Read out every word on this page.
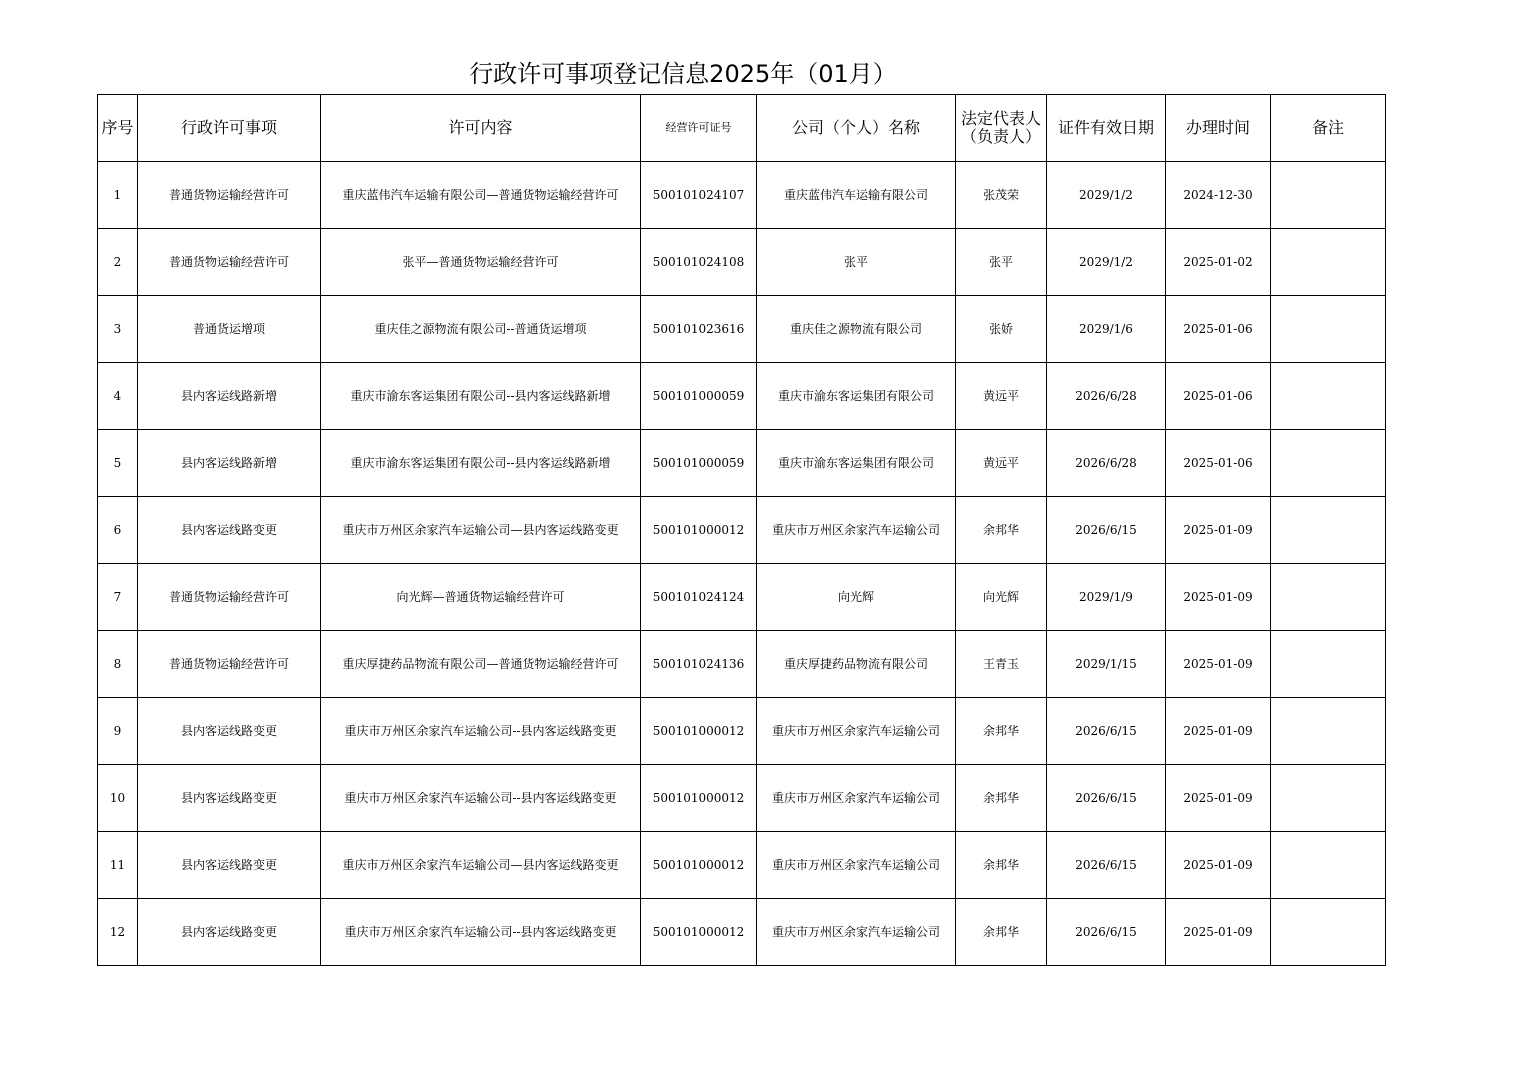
行政许可事项登记信息2025年（01月）
序号	行政许可事项	许可内容	经营许可证号	公司（个人）名称	法定代表人（负责人）	证件有效日期	办理时间	备注
1	普通货物运输经营许可	重庆蓝伟汽车运输有限公司—普通货物运输经营许可	500101024107	重庆蓝伟汽车运输有限公司	张茂荣	2029/1/2	2024-12-30	
2	普通货物运输经营许可	张平—普通货物运输经营许可	500101024108	张平	张平	2029/1/2	2025-01-02	
3	普通货运增项	重庆佳之源物流有限公司--普通货运增项	500101023616	重庆佳之源物流有限公司	张娇	2029/1/6	2025-01-06	
4	县内客运线路新增	重庆市渝东客运集团有限公司--县内客运线路新增	500101000059	重庆市渝东客运集团有限公司	黄远平	2026/6/28	2025-01-06	
5	县内客运线路新增	重庆市渝东客运集团有限公司--县内客运线路新增	500101000059	重庆市渝东客运集团有限公司	黄远平	2026/6/28	2025-01-06	
6	县内客运线路变更	重庆市万州区余家汽车运输公司—县内客运线路变更	500101000012	重庆市万州区余家汽车运输公司	余邦华	2026/6/15	2025-01-09	
7	普通货物运输经营许可	向光辉—普通货物运输经营许可	500101024124	向光辉	向光辉	2029/1/9	2025-01-09	
8	普通货物运输经营许可	重庆厚捷药品物流有限公司—普通货物运输经营许可	500101024136	重庆厚捷药品物流有限公司	王青玉	2029/1/15	2025-01-09	
9	县内客运线路变更	重庆市万州区余家汽车运输公司--县内客运线路变更	500101000012	重庆市万州区余家汽车运输公司	余邦华	2026/6/15	2025-01-09	
10	县内客运线路变更	重庆市万州区余家汽车运输公司--县内客运线路变更	500101000012	重庆市万州区余家汽车运输公司	余邦华	2026/6/15	2025-01-09	
11	县内客运线路变更	重庆市万州区余家汽车运输公司—县内客运线路变更	500101000012	重庆市万州区余家汽车运输公司	余邦华	2026/6/15	2025-01-09	
12	县内客运线路变更	重庆市万州区余家汽车运输公司--县内客运线路变更	500101000012	重庆市万州区余家汽车运输公司	余邦华	2026/6/15	2025-01-09	
